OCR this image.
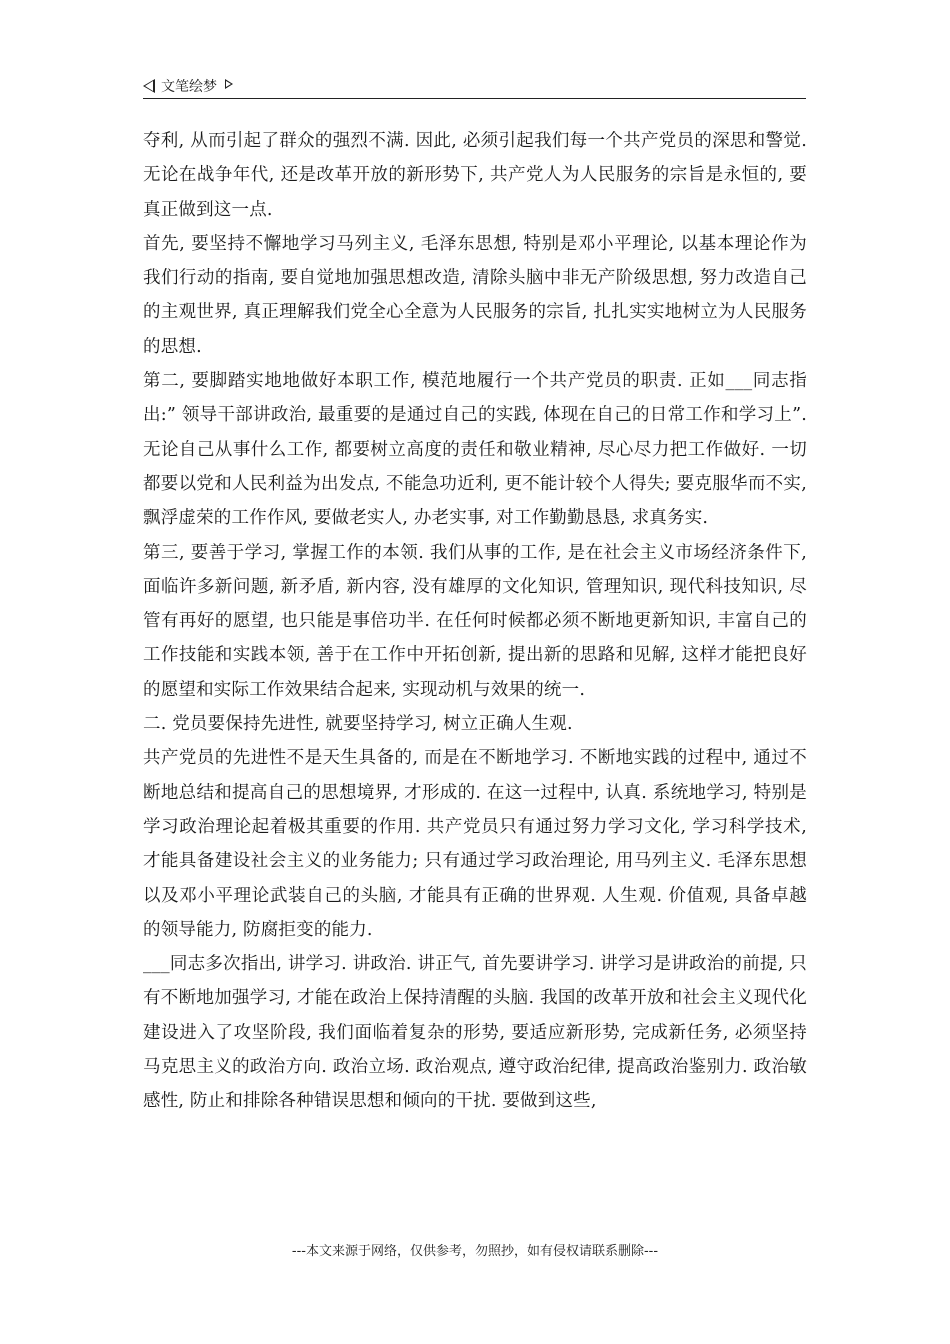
文笔绘梦

夺利, 从而引起了群众的强烈不满. 因此, 必须引起我们每一个共产党员的深思和警觉. 无论在战争年代, 还是改革开放的新形势下, 共产党人为人民服务的宗旨是永恒的, 要真正做到这一点.

首先, 要坚持不懈地学习马列主义, 毛泽东思想, 特别是邓小平理论, 以基本理论作为我们行动的指南, 要自觉地加强思想改造, 清除头脑中非无产阶级思想, 努力改造自己的主观世界, 真正理解我们党全心全意为人民服务的宗旨, 扎扎实实地树立为人民服务的思想.

第二, 要脚踏实地地做好本职工作, 模范地履行一个共产党员的职责. 正如___同志指出:” 领导干部讲政治, 最重要的是通过自己的实践, 体现在自己的日常工作和学习上”. 无论自己从事什么工作, 都要树立高度的责任和敬业精神, 尽心尽力把工作做好. 一切都要以党和人民利益为出发点, 不能急功近利, 更不能计较个人得失; 要克服华而不实, 飘浮虚荣的工作作风, 要做老实人, 办老实事, 对工作勤勤恳恳, 求真务实.

第三, 要善于学习, 掌握工作的本领. 我们从事的工作, 是在社会主义市场经济条件下, 面临许多新问题, 新矛盾, 新内容, 没有雄厚的文化知识, 管理知识, 现代科技知识, 尽管有再好的愿望, 也只能是事倍功半. 在任何时候都必须不断地更新知识, 丰富自己的工作技能和实践本领, 善于在工作中开拓创新, 提出新的思路和见解, 这样才能把良好的愿望和实际工作效果结合起来, 实现动机与效果的统一.

二. 党员要保持先进性, 就要坚持学习, 树立正确人生观.

共产党员的先进性不是天生具备的, 而是在不断地学习. 不断地实践的过程中, 通过不断地总结和提高自己的思想境界, 才形成的. 在这一过程中, 认真. 系统地学习, 特别是学习政治理论起着极其重要的作用. 共产党员只有通过努力学习文化, 学习科学技术, 才能具备建设社会主义的业务能力; 只有通过学习政治理论, 用马列主义. 毛泽东思想以及邓小平理论武装自己的头脑, 才能具有正确的世界观. 人生观. 价值观, 具备卓越的领导能力, 防腐拒变的能力.

___同志多次指出, 讲学习. 讲政治. 讲正气, 首先要讲学习. 讲学习是讲政治的前提, 只有不断地加强学习, 才能在政治上保持清醒的头脑. 我国的改革开放和社会主义现代化建设进入了攻坚阶段, 我们面临着复杂的形势, 要适应新形势, 完成新任务, 必须坚持马克思主义的政治方向. 政治立场. 政治观点, 遵守政治纪律, 提高政治鉴别力. 政治敏感性, 防止和排除各种错误思想和倾向的干扰. 要做到这些,

---本文来源于网络，仅供参考，勿照抄，如有侵权请联系删除---
